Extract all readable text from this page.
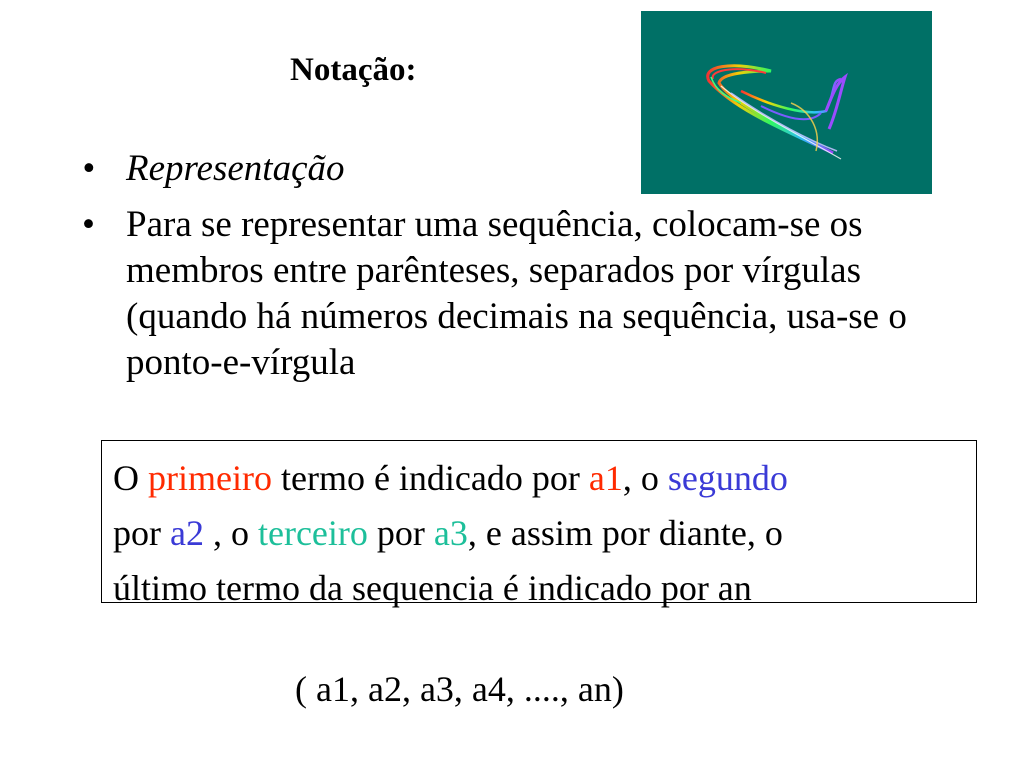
Notação:
• Representação
• Para se representar uma sequência, colocam-se os membros entre parênteses, separados por vírgulas (quando há números decimais na sequência, usa-se o ponto-e-vírgula
O primeiro termo é indicado por a1, o segundo
por a2 , o terceiro por a3, e assim por diante, o
último termo da sequencia é indicado por an
( a1, a2, a3, a4, ...., an)
